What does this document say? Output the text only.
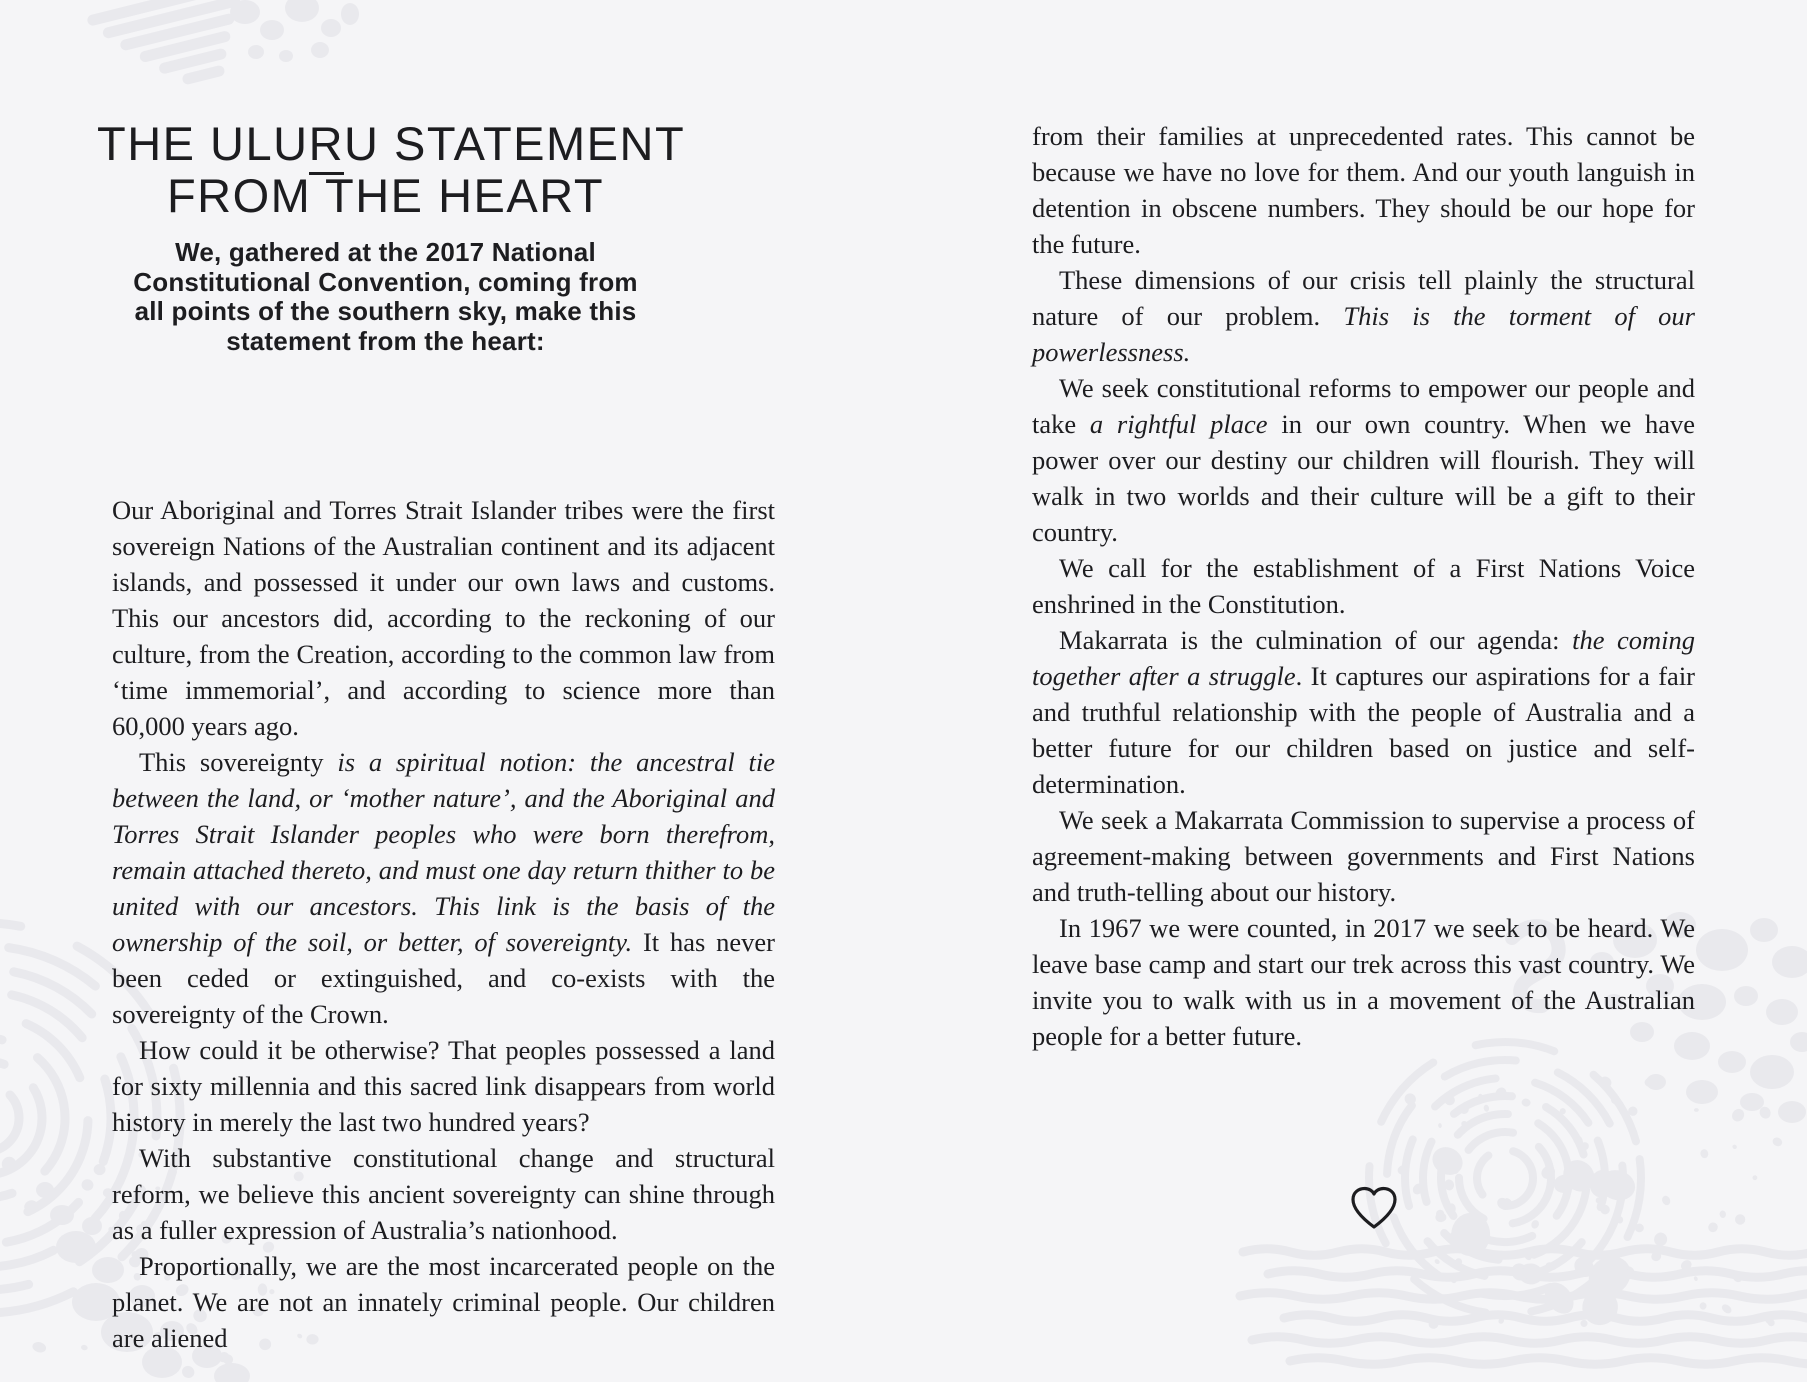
THE ULURU STATEMENT
FROM THE HEART
We, gathered at the 2017 National
Constitutional Convention, coming from
all points of the southern sky, make this
statement from the heart:

Our Aboriginal and Torres Strait Islander tribes were the first sovereign Nations of the Australian continent and its adjacent islands, and possessed it under our own laws and customs. This our ancestors did, according to the reckoning of our culture, from the Creation, according to the common law from ‘time immemorial’, and according to science more than 60,000 years ago.

This sovereignty is a spiritual notion: the ancestral tie between the land, or ‘mother nature’, and the Aboriginal and Torres Strait Islander peoples who were born therefrom, remain attached thereto, and must one day return thither to be united with our ancestors. This link is the basis of the ownership of the soil, or better, of sovereignty. It has never been ceded or extinguished, and co-exists with the sovereignty of the Crown.

How could it be otherwise? That peoples possessed a land for sixty millennia and this sacred link disappears from world history in merely the last two hundred years?

With substantive constitutional change and structural reform, we believe this ancient sovereignty can shine through as a fuller expression of Australia’s nationhood.

Proportionally, we are the most incarcerated people on the planet. We are not an innately criminal people. Our children are aliened

from their families at unprecedented rates. This cannot be because we have no love for them. And our youth languish in detention in obscene numbers. They should be our hope for the future.

These dimensions of our crisis tell plainly the structural nature of our problem. This is the torment of our powerlessness.

We seek constitutional reforms to empower our people and take a rightful place in our own country. When we have power over our destiny our children will flourish. They will walk in two worlds and their culture will be a gift to their country.

We call for the establishment of a First Nations Voice enshrined in the Constitution.

Makarrata is the culmination of our agenda: the coming together after a struggle. It captures our aspirations for a fair and truthful relationship with the people of Australia and a better future for our children based on justice and self-determination.

We seek a Makarrata Commission to supervise a process of agreement-making between governments and First Nations and truth-telling about our history.

In 1967 we were counted, in 2017 we seek to be heard. We leave base camp and start our trek across this vast country. We invite you to walk with us in a movement of the Australian people for a better future.
